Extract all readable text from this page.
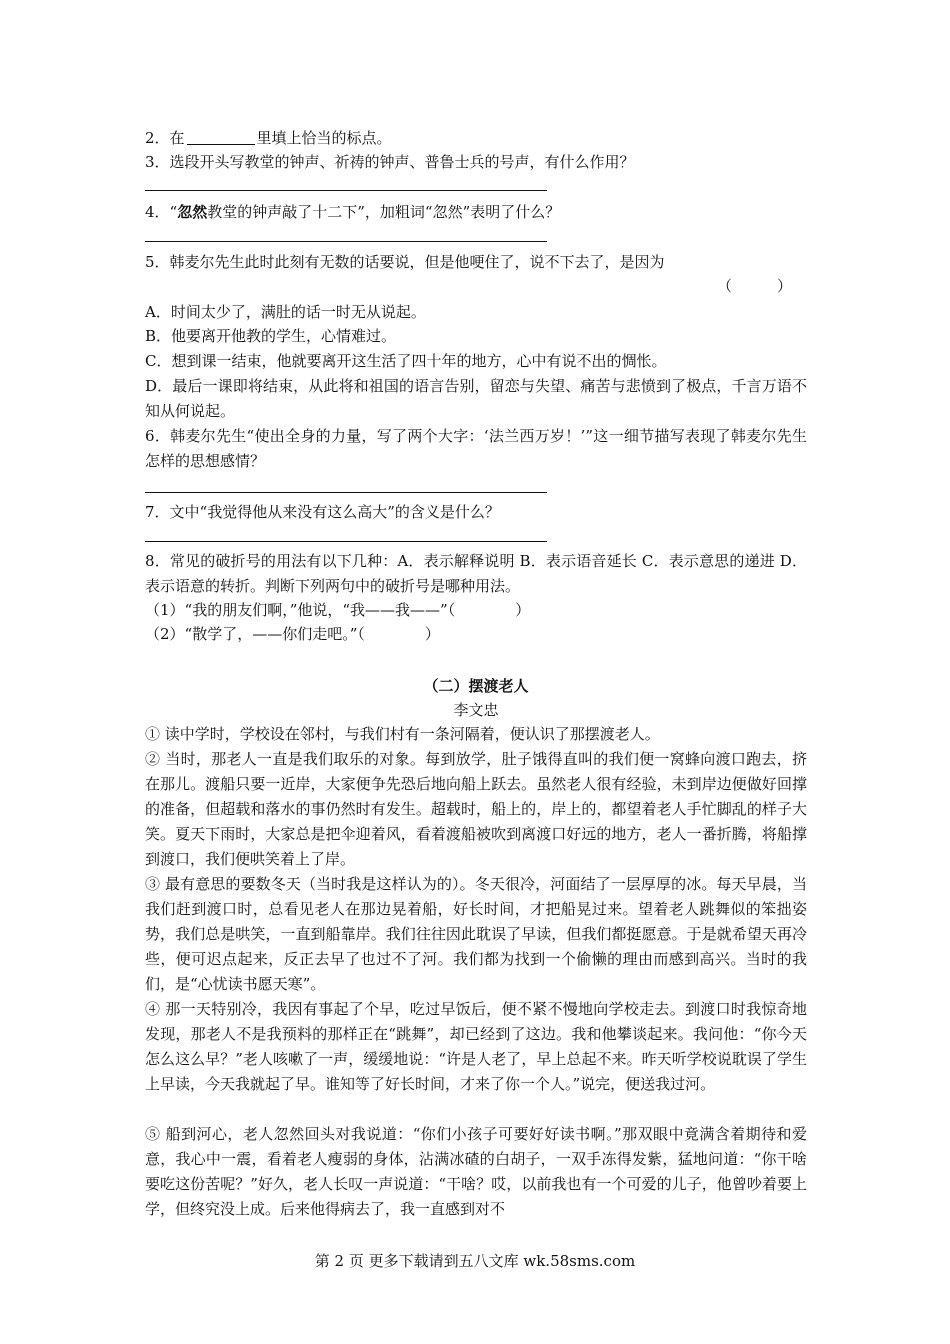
2．在	里填上恰当的标点。
3．选段开头写教堂的钟声、祈祷的钟声、普鲁士兵的号声，有什么作用？
4．“忽然教堂的钟声敲了十二下”，加粗词“忽然”表明了什么？
5．韩麦尔先生此时此刻有无数的话要说，但是他哽住了，说不下去了，是因为
（　　　）
A．时间太少了，满肚的话一时无从说起。
B．他要离开他教的学生，心情难过。
C．想到课一结束，他就要离开这生活了四十年的地方，心中有说不出的惆怅。
D．最后一课即将结束，从此将和祖国的语言告别，留恋与失望、痛苦与悲愤到了极点，千言万语不知从何说起。
6．韩麦尔先生“使出全身的力量，写了两个大字：‘法兰西万岁！’”这一细节描写表现了韩麦尔先生怎样的思想感情？
7．文中“我觉得他从来没有这么高大”的含义是什么？
8．常见的破折号的用法有以下几种：A．表示解释说明 B．表示语音延长 C．表示意思的递进 D．表示语意的转折。判断下列两句中的破折号是哪种用法。
（1）“我的朋友们啊，”他说，“我——我——”（　　　　）
（2）“散学了，——你们走吧。”（　　　　）
（二）摆渡老人
李文忠
① 读中学时，学校设在邻村，与我们村有一条河隔着，便认识了那摆渡老人。
② 当时，那老人一直是我们取乐的对象。每到放学，肚子饿得直叫的我们便一窝蜂向渡口跑去，挤在那儿。渡船只要一近岸，大家便争先恐后地向船上跃去。虽然老人很有经验，未到岸边便做好回撑的准备，但超载和落水的事仍然时有发生。超载时，船上的，岸上的，都望着老人手忙脚乱的样子大笑。夏天下雨时，大家总是把伞迎着风，看着渡船被吹到离渡口好远的地方，老人一番折腾，将船撑到渡口，我们便哄笑着上了岸。
③ 最有意思的要数冬天（当时我是这样认为的）。冬天很冷，河面结了一层厚厚的冰。每天早晨，当我们赶到渡口时，总看见老人在那边晃着船，好长时间，才把船晃过来。望着老人跳舞似的笨拙姿势，我们总是哄笑，一直到船靠岸。我们往往因此耽误了早读，但我们都挺愿意。于是就希望天再冷些，便可迟点起来，反正去早了也过不了河。我们都为找到一个偷懒的理由而感到高兴。当时的我们，是“心忧读书愿天寒”。
④ 那一天特别冷，我因有事起了个早，吃过早饭后，便不紧不慢地向学校走去。到渡口时我惊奇地发现，那老人不是我预料的那样正在“跳舞”，却已经到了这边。我和他攀谈起来。我问他：“你今天怎么这么早？”老人咳嗽了一声，缓缓地说：“许是人老了，早上总起不来。昨天听学校说耽误了学生上早读，今天我就起了早。谁知等了好长时间，才来了你一个人。”说完，便送我过河。
⑤ 船到河心，老人忽然回头对我说道：“你们小孩子可要好好读书啊。”那双眼中竟满含着期待和爱意，我心中一震，看着老人瘦弱的身体，沾满冰碴的白胡子，一双手冻得发紫，猛地问道：“你干啥要吃这份苦呢？”好久，老人长叹一声说道：“干啥？哎，以前我也有一个可爱的儿子，他曾吵着要上学，但终究没上成。后来他得病去了，我一直感到对不
第 2 页 更多下载请到五八文库 wk.58sms.com
